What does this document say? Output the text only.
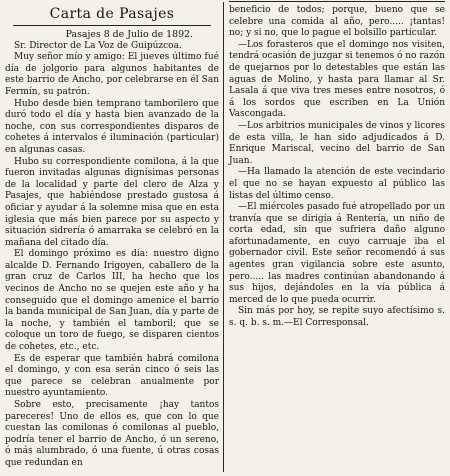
Carta de Pasajes

Pasajes 8 de Julio de 1892.

Sr. Director de La Voz de Guipúzcoa.

Muy señor mío y amigo: El jueves último fué día de jolgorio para algunos habitantes de este barrio de Ancho, por celebrarse en él San Fermín, su patrón.

Hubo desde bien temprano tamborilero que duró todo el día y hasta bien avanzado de la noche, con sus correspondientes disparos de cohetes á intervalos é iluminación (particular) en algunas casas.

Hubo su correspondiente comilona, á la que fueron invitadas algunas dignísimas personas de la localidad y parte del clero de Alza y Pasajes, que habiéndose prestado gustosa á oficiar y ayudar á la solemne misa que en esta iglesia que más bien parece por su aspecto y situación sidrería ó amarraka se celebró en la mañana del citado día.

El domingo próximo es día: nuestro digno alcalde D. Fernando Irigoyen, caballero de la gran cruz de Carlos III, ha hecho que los vecinos de Ancho no se quejen este año y ha conseguido que el domingo amenice el barrio la banda municipal de San Juan, día y parte de la noche, y también el tamboril; que se coloque un toro de fuego, se disparen cientos de cohetes, etc., etc.

Es de esperar que también habrá comilona el domingo, y con esa serán cinco ó seis las que parece se celebran anualmente por nuestro ayuntamiento.

Sobre esto, precisamente ¡hay tantos pareceres! Uno de ellos es, que con lo que cuestan las comilonas ó comilonas al pueblo, podría tener el barrio de Ancho, ó un sereno, ó más alumbrado, ó una fuente, ú otras cosas que redundan en

beneficio de todos; porque, bueno que se celebre una comida al año, pero..... ¡tantas! no; y si no, que lo pague el bolsillo particular.

—Los forasteros que el domingo nos visiten, tendrá ocasión de juzgar si tenemos ó no razón de quejarnos por lo detestables que están las aguas de Molino, y hasta para llamar al Sr. Lasala á que viva tres meses entre nosotros, ó á los sordos que escriben en La Unión Vascongada.

—Los arbitrios municipales de vinos y licores de esta villa, le han sido adjudicados á D. Enrique Mariscal, vecino del barrio de San Juan.

—Ha llamado la atención de este vecindario el que no se hayan expuesto al público las listas del último censo.

—El miércoles pasado fué atropellado por un tranvía que se dirigía á Rentería, un niño de corta edad, sin que sufriera daño alguno afortunadamente, en cuyo carruaje iba el gobernador civil. Este señor recomendó á sus agentes gran vigilancia sobre este asunto, pero..... las madres continúan abandonando á sus hijos, dejándoles en la vía pública á merced de lo que pueda ocurrir.

Sin más por hoy, se repite suyo afectísimo s. s. q. b. s. m.—El Corresponsal.
